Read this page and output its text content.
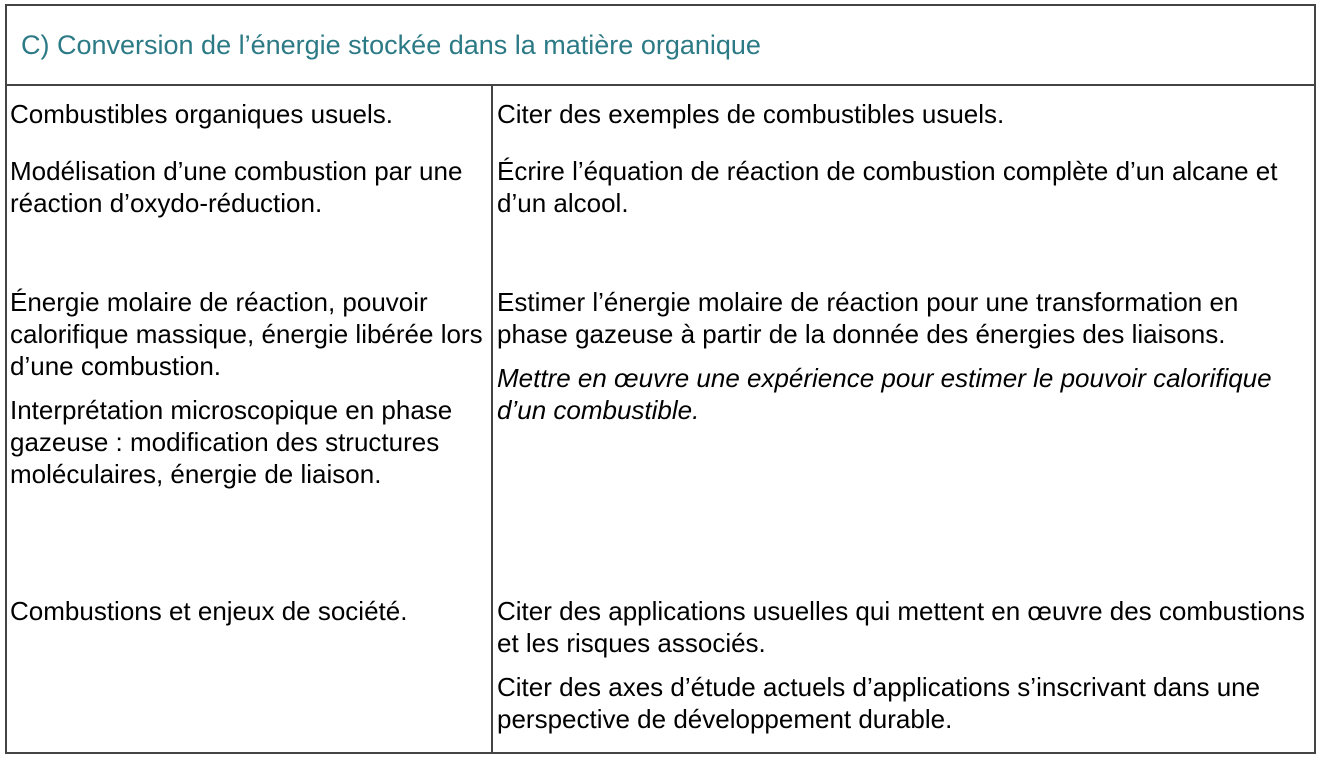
C) Conversion de l’énergie stockée dans la matière organique

Combustibles organiques usuels.	Citer des exemples de combustibles usuels.

Modélisation d’une combustion par une réaction d’oxydo-réduction.

Écrire l’équation de réaction de combustion complète d’un alcane et d’un alcool.

Énergie molaire de réaction, pouvoir calorifique massique, énergie libérée lors d’une combustion.

Interprétation microscopique en phase gazeuse : modification des structures moléculaires, énergie de liaison.

Estimer l’énergie molaire de réaction pour une transformation en phase gazeuse à partir de la donnée des énergies des liaisons.

Mettre en œuvre une expérience pour estimer le pouvoir calorifique d’un combustible.

Combustions et enjeux de société.	Citer des applications usuelles qui mettent en œuvre des combustions et les risques associés.

Citer des axes d’étude actuels d’applications s’inscrivant dans une perspective de développement durable.
